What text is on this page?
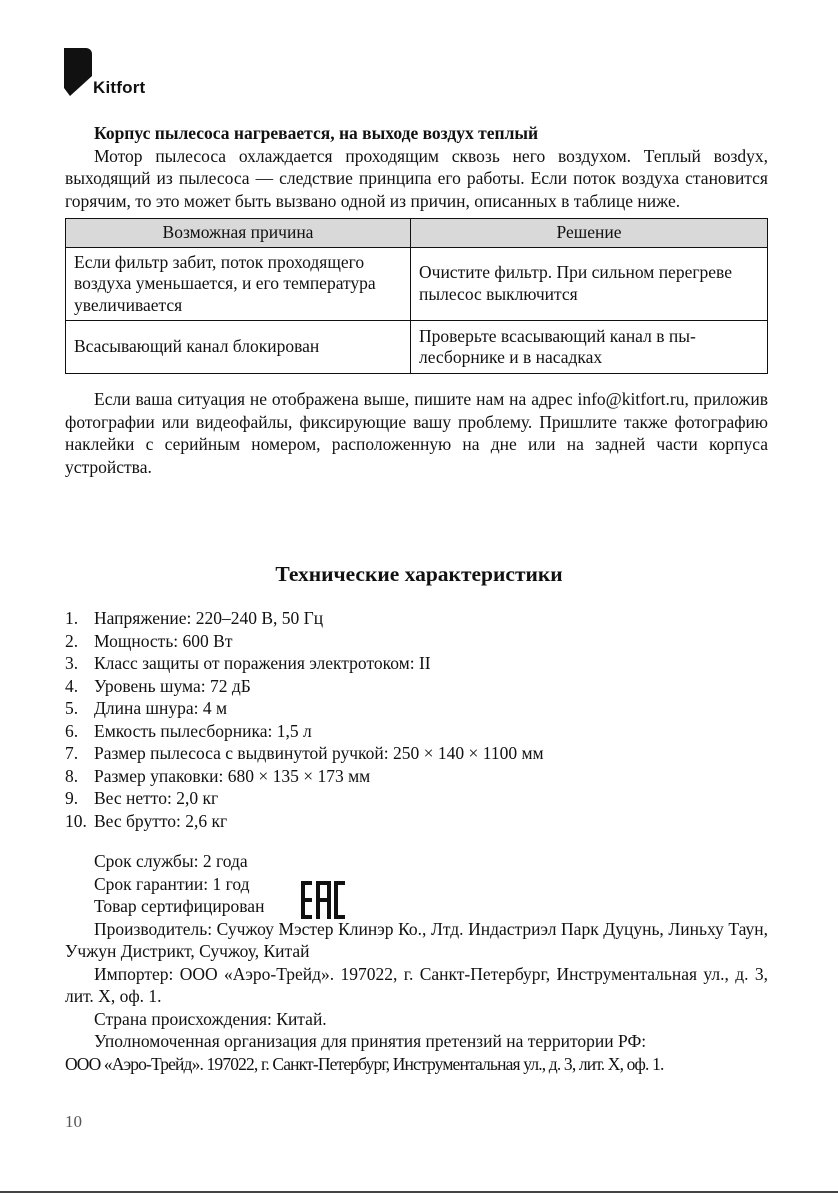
Kitfort

Корпус пылесоса нагревается, на выходе воздух теплый

Мотор пылесоса охлаждается проходящим сквозь него воздухом. Теплый возdух, выходящий из пылесоса — следствие принципа его работы. Если поток воздуха становится горячим, то это может быть вызвано одной из причин, описанных в таблице ниже.

Возможная причина	Решение
Если фильтр забит, поток проходящего воздуха уменьшается, и его температура увеличивается	Очистите фильтр. При сильном перегреве пылесос выключится
Всасывающий канал блокирован	Проверьте всасывающий канал в пылесборнике и в насадках

Если ваша ситуация не отображена выше, пишите нам на адрес info@kitfort.ru, приложив фотографии или видеофайлы, фиксирующие вашу проблему. Пришлите также фотографию наклейки с серийным номером, расположенную на дне или на задней части корпуса устройства.

Технические характеристики
1. Напряжение: 220–240 В, 50 Гц
2. Мощность: 600 Вт
3. Класс защиты от поражения электротоком: II
4. Уровень шума: 72 дБ
5. Длина шнура: 4 м
6. Емкость пылесборника: 1,5 л
7. Размер пылесоса с выдвинутой ручкой: 250 × 140 × 1100 мм
8. Размер упаковки: 680 × 135 × 173 мм
9. Вес нетто: 2,0 кг
10. Вес брутто: 2,6 кг

Срок службы: 2 года

Срок гарантии: 1 год

Товар сертифицирован

Производитель: Сучжоу Мэстер Клинэр Ко., Лтд. Индастриэл Парк Дуцунь, Линьху Таун, Учжун Дистрикт, Сучжоу, Китай

Импортер: ООО «Аэро-Трейд». 197022, г. Санкт-Петербург, Инструментальная ул., д. 3, лит. Х, оф. 1.

Страна происхождения: Китай.

Уполномоченная организация для принятия претензий на территории РФ:

ООО «Аэро-Трейд». 197022, г. Санкт-Петербург, Инструментальная ул., д. 3, лит. Х, оф. 1.

10
